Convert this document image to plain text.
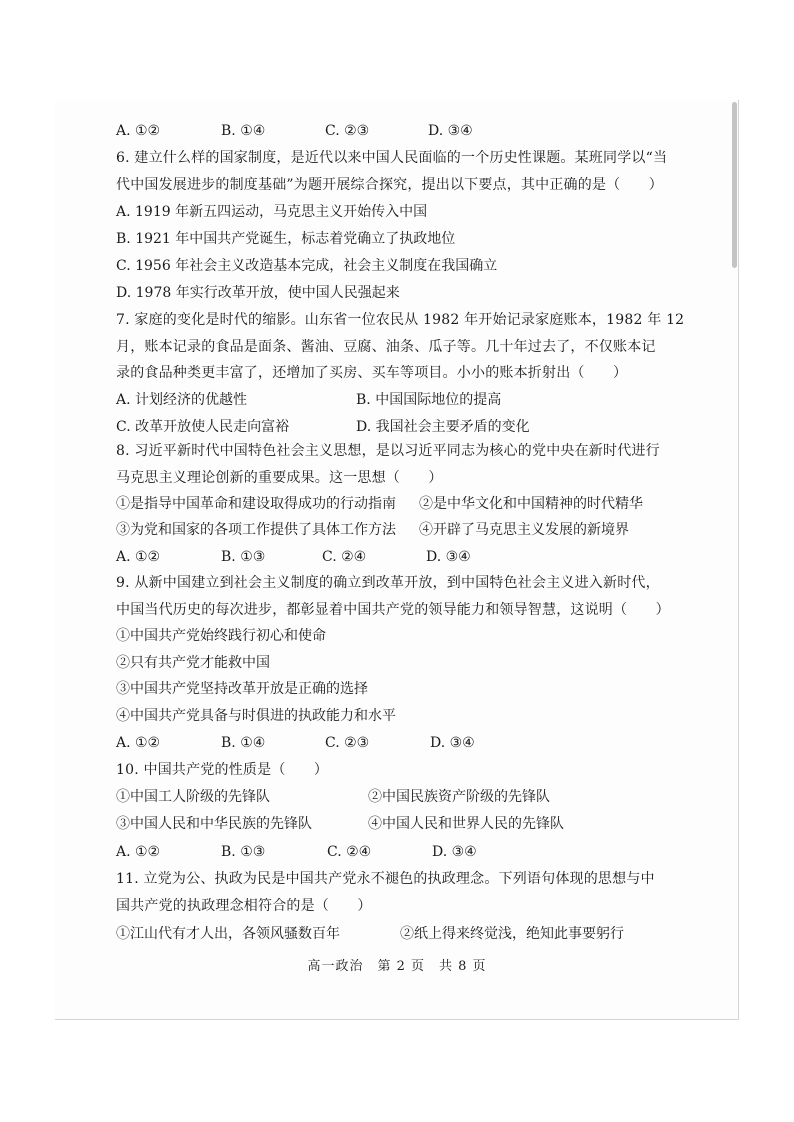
A. ①②	B. ①④	C. ②③	D. ③④
6. 建立什么样的国家制度，是近代以来中国人民面临的一个历史性课题。某班同学以“当
代中国发展进步的制度基础”为题开展综合探究，提出以下要点，其中正确的是（　　）
A. 1919 年新五四运动，马克思主义开始传入中国
B. 1921 年中国共产党诞生，标志着党确立了执政地位
C. 1956 年社会主义改造基本完成，社会主义制度在我国确立
D. 1978 年实行改革开放，使中国人民强起来
7. 家庭的变化是时代的缩影。山东省一位农民从 1982 年开始记录家庭账本，1982 年 12
月，账本记录的食品是面条、酱油、豆腐、油条、瓜子等。几十年过去了，不仅账本记
录的食品种类更丰富了，还增加了买房、买车等项目。小小的账本折射出（　　）
A. 计划经济的优越性	B. 中国国际地位的提高
C. 改革开放使人民走向富裕	D. 我国社会主要矛盾的变化
8. 习近平新时代中国特色社会主义思想，是以习近平同志为核心的党中央在新时代进行
马克思主义理论创新的重要成果。这一思想（　　）
①是指导中国革命和建设取得成功的行动指南 ②是中华文化和中国精神的时代精华
③为党和国家的各项工作提供了具体工作方法 ④开辟了马克思主义发展的新境界
A. ①②	B. ①③	C. ②④	D. ③④
9. 从新中国建立到社会主义制度的确立到改革开放，到中国特色社会主义进入新时代，
中国当代历史的每次进步，都彰显着中国共产党的领导能力和领导智慧，这说明（　　）
①中国共产党始终践行初心和使命
②只有共产党才能救中国
③中国共产党坚持改革开放是正确的选择
④中国共产党具备与时俱进的执政能力和水平
A. ①②	B. ①④	C. ②③	D. ③④
10. 中国共产党的性质是（　　）
①中国工人阶级的先锋队	②中国民族资产阶级的先锋队
③中国人民和中华民族的先锋队	④中国人民和世界人民的先锋队
A. ①②	B. ①③	C. ②④	D. ③④
11. 立党为公、执政为民是中国共产党永不褪色的执政理念。下列语句体现的思想与中
国共产党的执政理念相符合的是（　　）
①江山代有才人出，各领风骚数百年	②纸上得来终觉浅，绝知此事要躬行
高一政治　第 2 页　共 8 页
